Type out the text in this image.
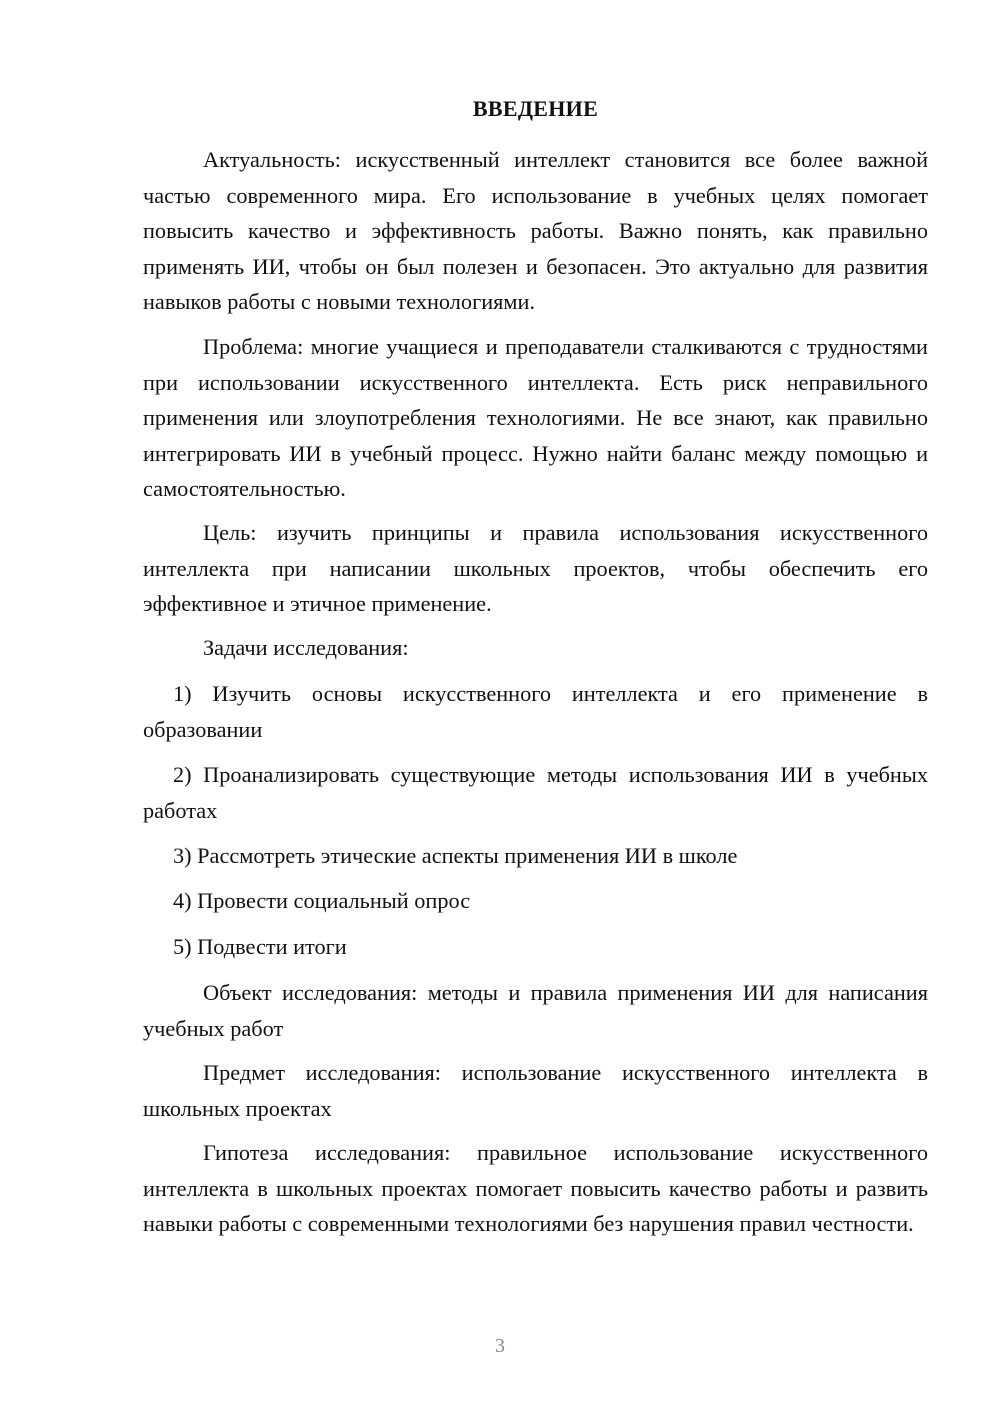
ВВЕДЕНИЕ

Актуальность: искусственный интеллект становится все более важной частью современного мира. Его использование в учебных целях помогает повысить качество и эффективность работы. Важно понять, как правильно применять ИИ, чтобы он был полезен и безопасен. Это актуально для развития навыков работы с новыми технологиями.

Проблема: многие учащиеся и преподаватели сталкиваются с трудностями при использовании искусственного интеллекта. Есть риск неправильного применения или злоупотребления технологиями. Не все знают, как правильно интегрировать ИИ в учебный процесс. Нужно найти баланс между помощью и самостоятельностью.

Цель: изучить принципы и правила использования искусственного интеллекта при написании школьных проектов, чтобы обеспечить его эффективное и этичное применение.

Задачи исследования:

1) Изучить основы искусственного интеллекта и его применение в образовании

2) Проанализировать существующие методы использования ИИ в учебных работах

3) Рассмотреть этические аспекты применения ИИ в школе

4) Провести социальный опрос

5) Подвести итоги

Объект исследования: методы и правила применения ИИ для написания учебных работ

Предмет исследования: использование искусственного интеллекта в школьных проектах

Гипотеза исследования: правильное использование искусственного интеллекта в школьных проектах помогает повысить качество работы и развить навыки работы с современными технологиями без нарушения правил честности.

3
